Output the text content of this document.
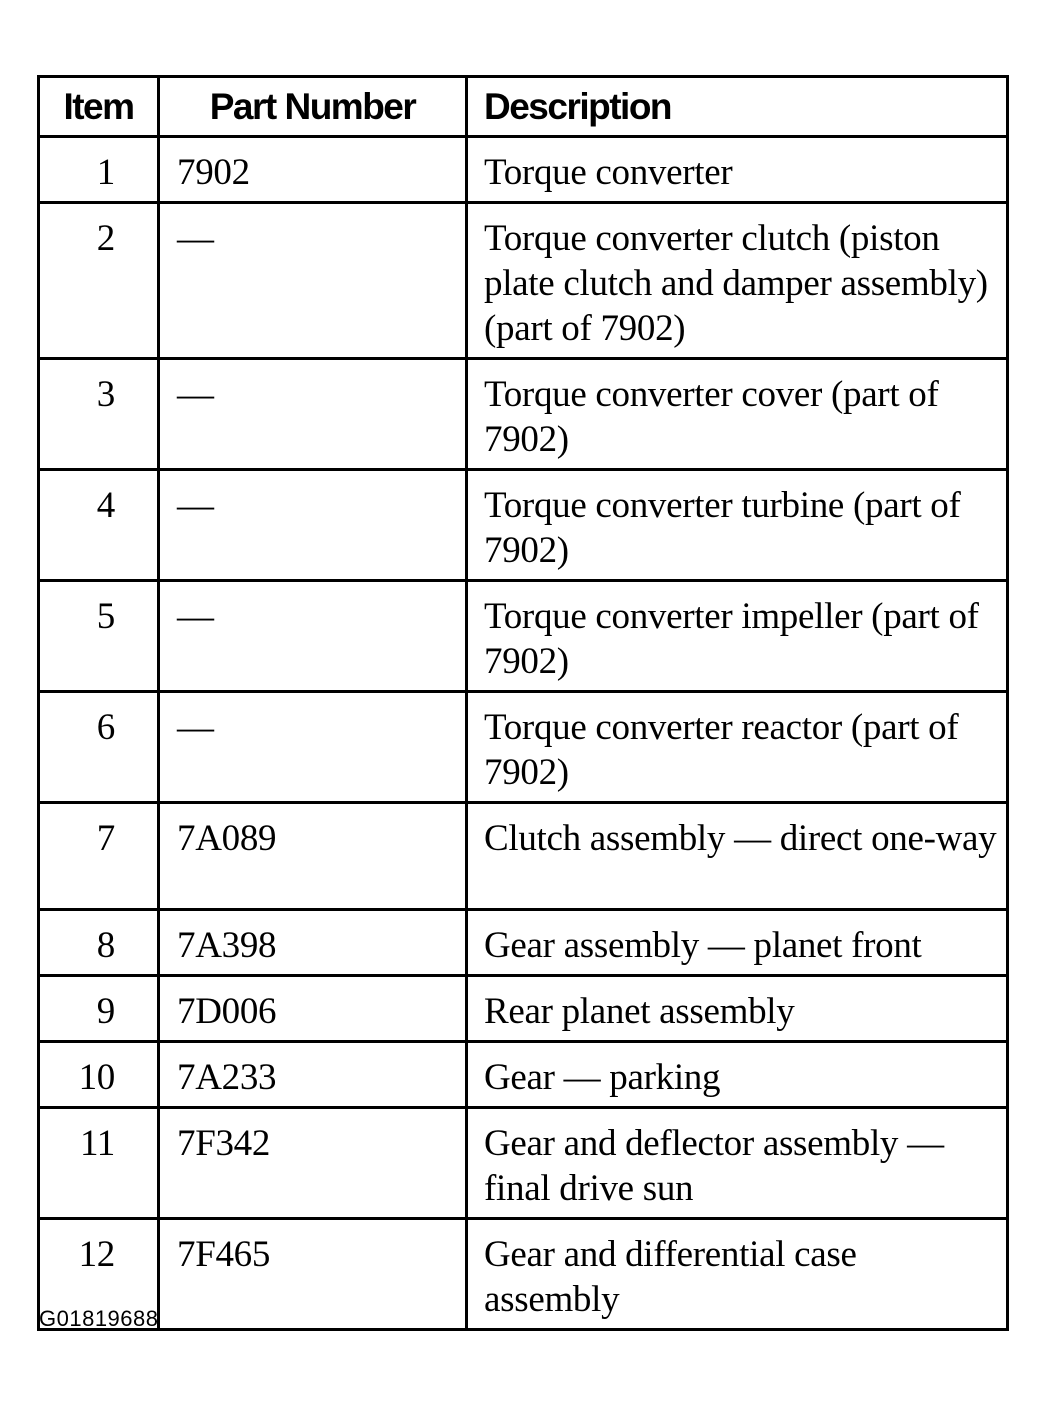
Item	Part Number	Description
1	7902	Torque converter
2	—	Torque converter clutch (piston plate clutch and damper assembly) (part of 7902)
3	—	Torque converter cover (part of 7902)
4	—	Torque converter turbine (part of 7902)
5	—	Torque converter impeller (part of 7902)
6	—	Torque converter reactor (part of 7902)
7	7A089	Clutch assembly — direct one-way
8	7A398	Gear assembly — planet front
9	7D006	Rear planet assembly
10	7A233	Gear — parking
11	7F342	Gear and deflector assembly — final drive sun
12	7F465	Gear and differential case assembly
G01819688
